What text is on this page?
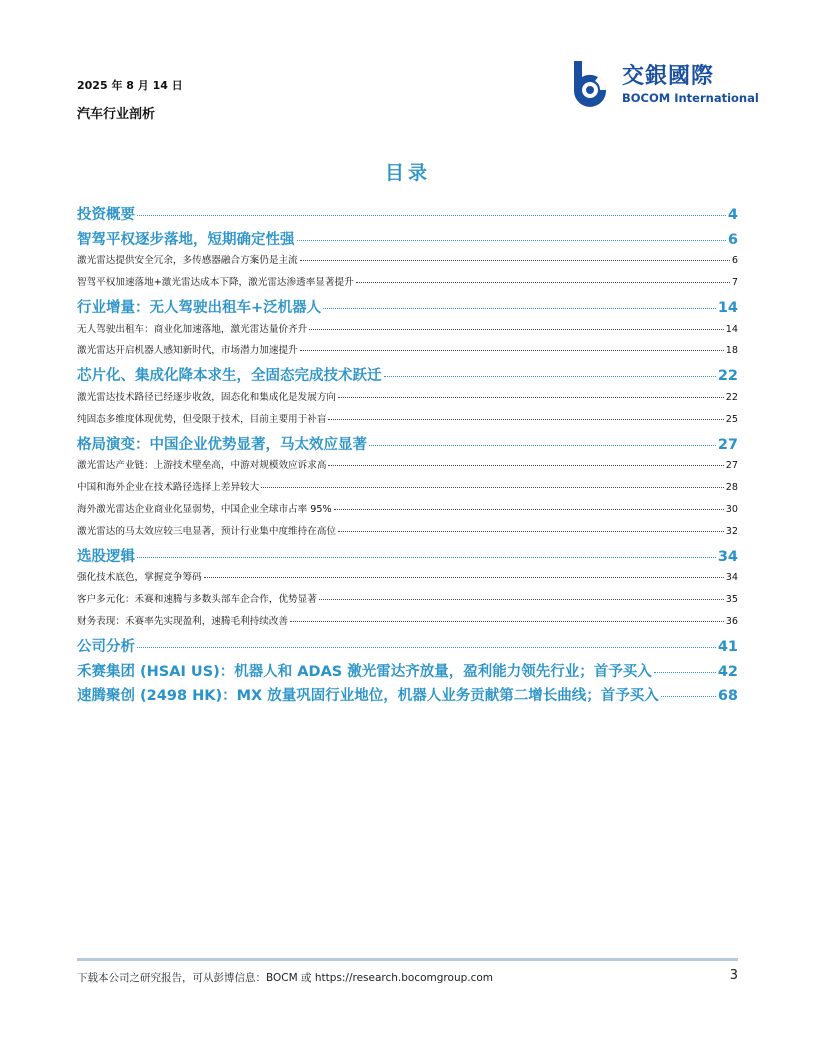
2025 年 8 月 14 日
汽车行业剖析
交銀國際
BOCOM International
目录
投资概要	4
智驾平权逐步落地，短期确定性强	6
激光雷达提供安全冗余，多传感器融合方案仍是主流	6
智驾平权加速落地+激光雷达成本下降，激光雷达渗透率显著提升	7
行业增量：无人驾驶出租车+泛机器人	14
无人驾驶出租车：商业化加速落地，激光雷达量价齐升	14
激光雷达开启机器人感知新时代，市场潜力加速提升	18
芯片化、集成化降本求生，全固态完成技术跃迁	22
激光雷达技术路径已经逐步收敛，固态化和集成化是发展方向	22
纯固态多维度体现优势，但受限于技术，目前主要用于补盲	25
格局演变：中国企业优势显著，马太效应显著	27
激光雷达产业链：上游技术壁垒高，中游对规模效应诉求高	27
中国和海外企业在技术路径选择上差异较大	28
海外激光雷达企业商业化显弱势，中国企业全球市占率 95%	30
激光雷达的马太效应较三电显著，预计行业集中度维持在高位	32
选股逻辑	34
强化技术底色，掌握竞争筹码	34
客户多元化：禾赛和速腾与多数头部车企合作，优势显著	35
财务表现：禾赛率先实现盈利，速腾毛利持续改善	36
公司分析	41
禾赛集团 (HSAI US)：机器人和 ADAS 激光雷达齐放量，盈利能力领先行业；首予买入	42
速腾聚创 (2498 HK)：MX 放量巩固行业地位，机器人业务贡献第二增长曲线；首予买入	68
下载本公司之研究报告，可从彭博信息：BOCM 或 https://research.bocomgroup.com	3
